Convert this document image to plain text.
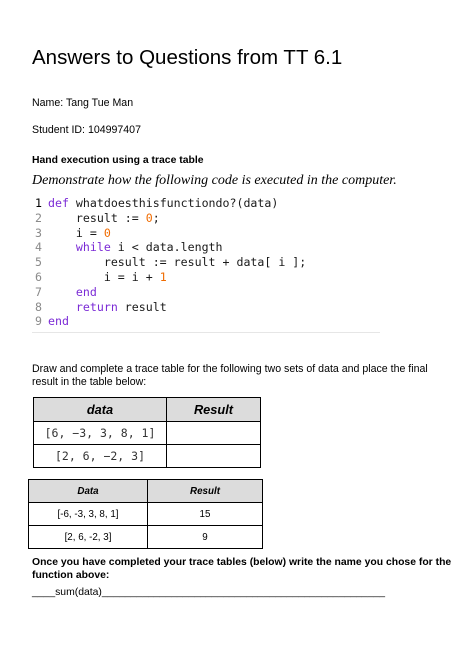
Answers to Questions from TT 6.1
Name: Tang Tue Man
Student ID: 104997407
Hand execution using a trace table
Demonstrate how the following code is executed in the computer.
1 def whatdoesthisfunctiondo?(data)
2 result := 0 ;
3 i = 0
4
	while i < data.length
5 result := result + data[ i ];
6 i = i + 1
7
	end
8
	return result
9 end
Draw and complete a trace table for the following two sets of data and place the final result in the table below:
data	Result
[6, −3, 3, 8, 1]	
[2, 6, −2, 3]	
Data	Result
[-6, -3, 3, 8, 1]	15
[2, 6, -2, 3]	9
Once you have completed your trace tables (below) write the name you chose for the function above:
____sum(data)_________________________________________________
